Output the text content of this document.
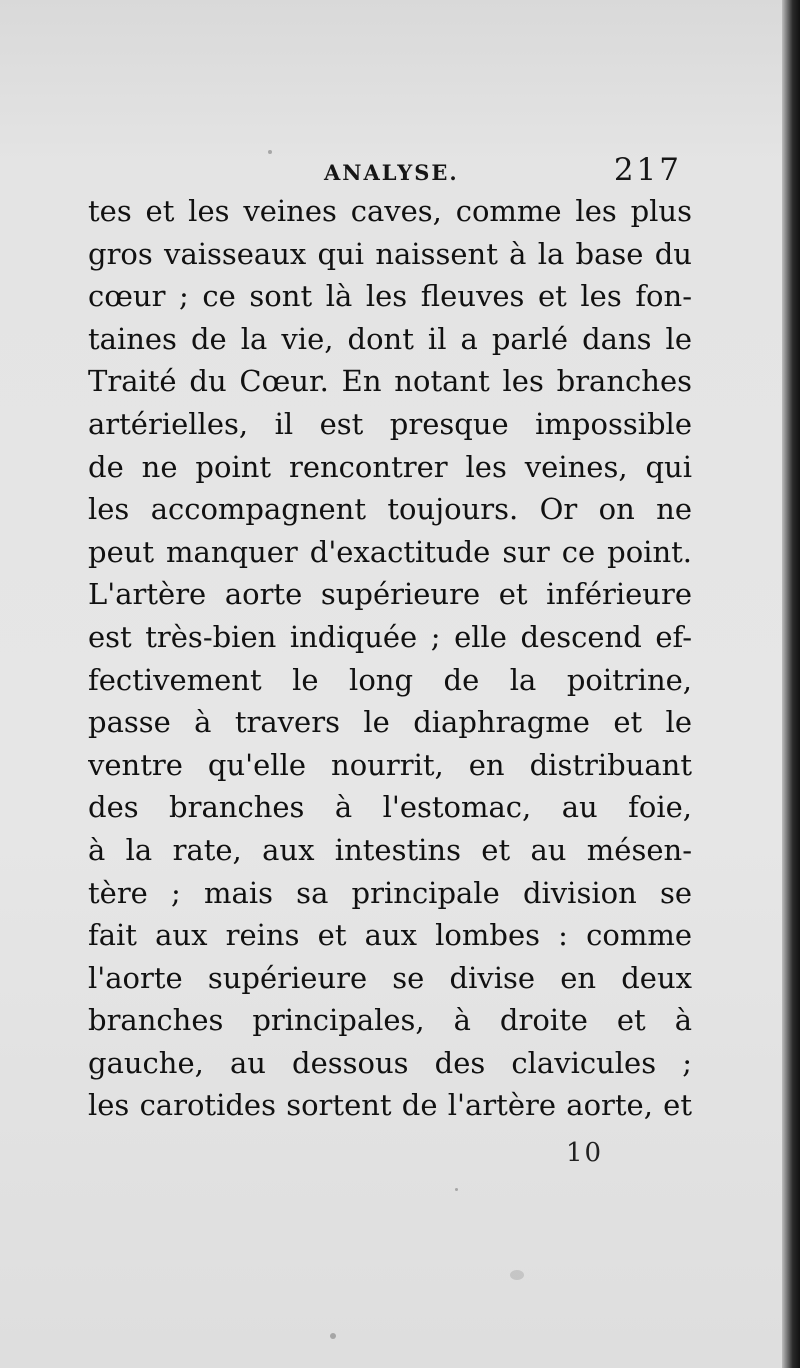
ANALYSE.	217
tes et les veines caves, comme les plus
gros vaisseaux qui naissent à la base du
cœur ; ce sont là les fleuves et les fon-
taines de la vie, dont il a parlé dans le
Traité du Cœur. En notant les branches
artérielles, il est presque impossible
de ne point rencontrer les veines, qui
les accompagnent toujours. Or on ne
peut manquer d'exactitude sur ce point.
L'artère aorte supérieure et inférieure
est très-bien indiquée ; elle descend ef-
fectivement le long de la poitrine,
passe à travers le diaphragme et le
ventre qu'elle nourrit, en distribuant
des branches à l'estomac, au foie,
à la rate, aux intestins et au mésen-
tère ; mais sa principale division se
fait aux reins et aux lombes : comme
l'aorte supérieure se divise en deux
branches principales, à droite et à
gauche, au dessous des clavicules ;
les carotides sortent de l'artère aorte, et
10
